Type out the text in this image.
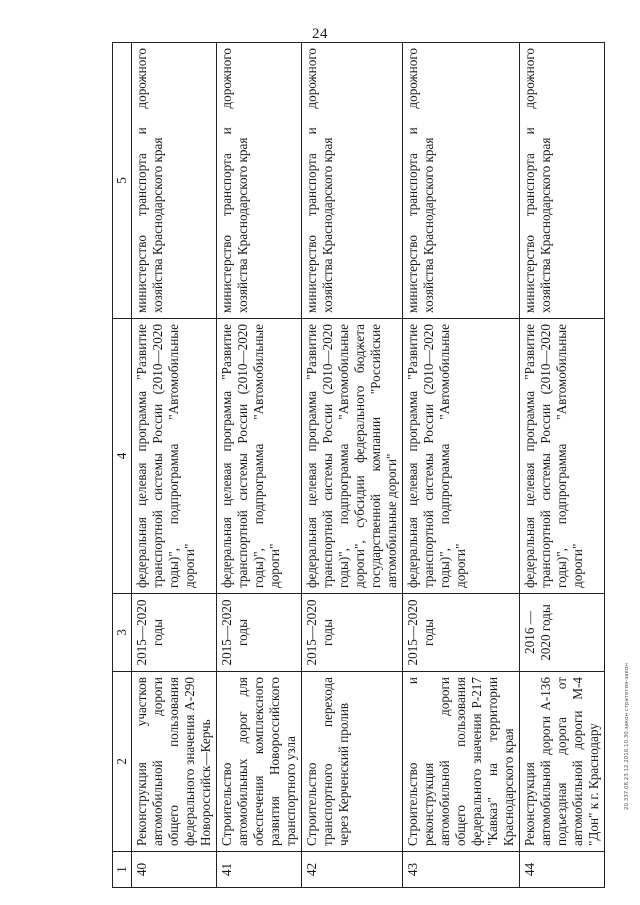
24
1	2	3	4	5
40	Реконструкция участков автомобильной дороги общего пользования федерального значения А-290 Новороссийск—Керчь	2015—2020 годы	федеральная целевая программа "Развитие транспортной системы России (2010—2020 годы)", подпрограмма "Автомобильные дороги"	министерство транспорта и дорожного хозяйства Краснодарского края
41	Строительство автомобильных дорог для обеспечения комплексного развития Новороссийского транспортного узла	2015—2020 годы	федеральная целевая программа "Развитие транспортной системы России (2010—2020 годы)", подпрограмма "Автомобильные дороги"	министерство транспорта и дорожного хозяйства Краснодарского края
42	Строительство транспортного перехода через Керченский пролив	2015—2020 годы	федеральная целевая программа "Развитие транспортной системы России (2010—2020 годы)", подпрограмма "Автомобильные дороги", субсидии федерального бюджета государственной компании "Российские автомобильные дороги"	министерство транспорта и дорожного хозяйства Краснодарского края
43	Строительство и реконструкция автомобильной дороги общего пользования федерального значения Р-217 "Кавказ" на территории Краснодарского края	2015—2020 годы	федеральная целевая программа "Развитие транспортной системы России (2010—2020 годы)", подпрограмма "Автомобильные дороги"	министерство транспорта и дорожного хозяйства Краснодарского края
44	Реконструкция автомобильной дороги А-136 подъездная дорога от автомобильной дороги М-4 "Дон" к г. Краснодару	2016 — 2020 годы	федеральная целевая программа "Развитие транспортной системы России (2010—2020 годы)", подпрограмма "Автомобильные дороги"	министерство транспорта и дорожного хозяйства Краснодарского края
20.337.08.23.12.2016.10.30.закон стратегия-закон
